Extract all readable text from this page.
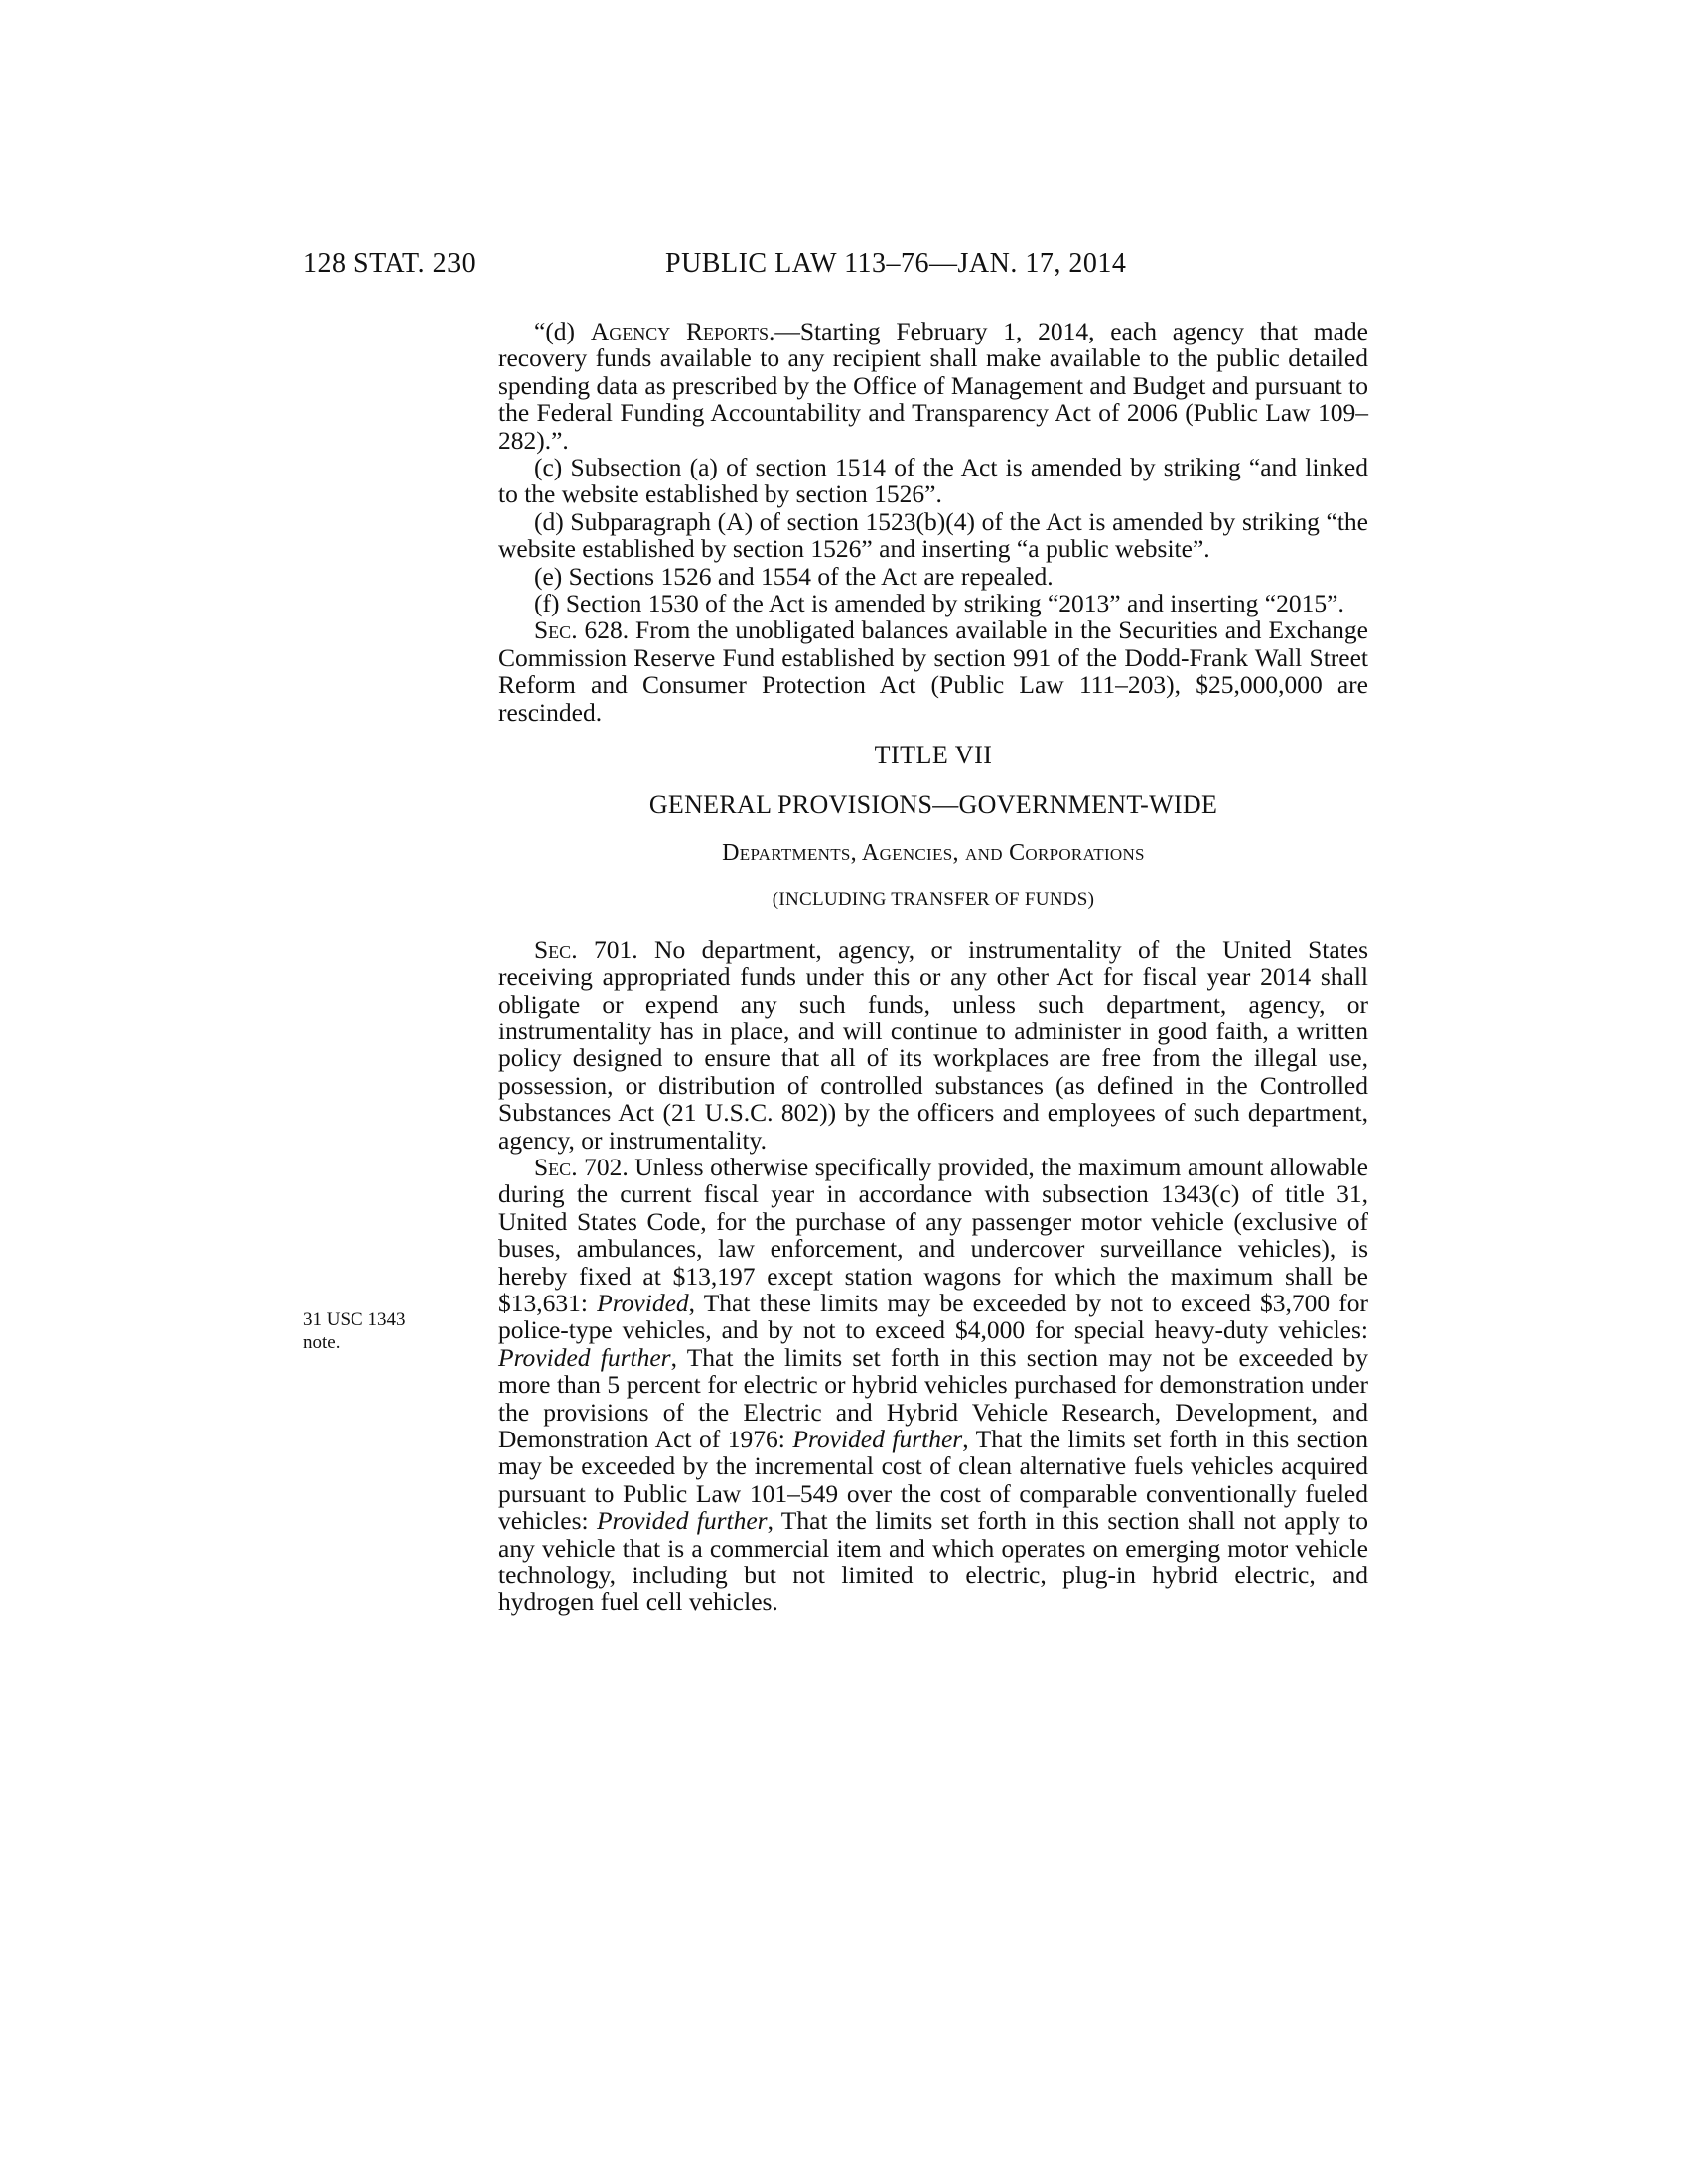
128 STAT. 230	PUBLIC LAW 113–76—JAN. 17, 2014
31 USC 1343
note.

“(d) Agency Reports.—Starting February 1, 2014, each agency that made recovery funds available to any recipient shall make available to the public detailed spending data as prescribed by the Office of Management and Budget and pursuant to the Federal Funding Accountability and Transparency Act of 2006 (Public Law 109–282).”.

(c) Subsection (a) of section 1514 of the Act is amended by striking “and linked to the website established by section 1526”.

(d) Subparagraph (A) of section 1523(b)(4) of the Act is amended by striking “the website established by section 1526” and inserting “a public website”.

(e) Sections 1526 and 1554 of the Act are repealed.

(f) Section 1530 of the Act is amended by striking “2013” and inserting “2015”.

Sec. 628. From the unobligated balances available in the Securities and Exchange Commission Reserve Fund established by section 991 of the Dodd-Frank Wall Street Reform and Consumer Protection Act (Public Law 111–203), $25,000,000 are rescinded.

TITLE VII
GENERAL PROVISIONS—GOVERNMENT-WIDE
Departments, Agencies, and Corporations
(INCLUDING TRANSFER OF FUNDS)

Sec. 701. No department, agency, or instrumentality of the United States receiving appropriated funds under this or any other Act for fiscal year 2014 shall obligate or expend any such funds, unless such department, agency, or instrumentality has in place, and will continue to administer in good faith, a written policy designed to ensure that all of its workplaces are free from the illegal use, possession, or distribution of controlled substances (as defined in the Controlled Substances Act (21 U.S.C. 802)) by the officers and employees of such department, agency, or instrumentality.

Sec. 702. Unless otherwise specifically provided, the maximum amount allowable during the current fiscal year in accordance with subsection 1343(c) of title 31, United States Code, for the purchase of any passenger motor vehicle (exclusive of buses, ambulances, law enforcement, and undercover surveillance vehicles), is hereby fixed at $13,197 except station wagons for which the maximum shall be $13,631: Provided, That these limits may be exceeded by not to exceed $3,700 for police-type vehicles, and by not to exceed $4,000 for special heavy-duty vehicles: Provided further, That the limits set forth in this section may not be exceeded by more than 5 percent for electric or hybrid vehicles purchased for demonstration under the provisions of the Electric and Hybrid Vehicle Research, Development, and Demonstration Act of 1976: Provided further, That the limits set forth in this section may be exceeded by the incremental cost of clean alternative fuels vehicles acquired pursuant to Public Law 101–549 over the cost of comparable conventionally fueled vehicles: Provided further, That the limits set forth in this section shall not apply to any vehicle that is a commercial item and which operates on emerging motor vehicle technology, including but not limited to electric, plug-in hybrid electric, and hydrogen fuel cell vehicles.
